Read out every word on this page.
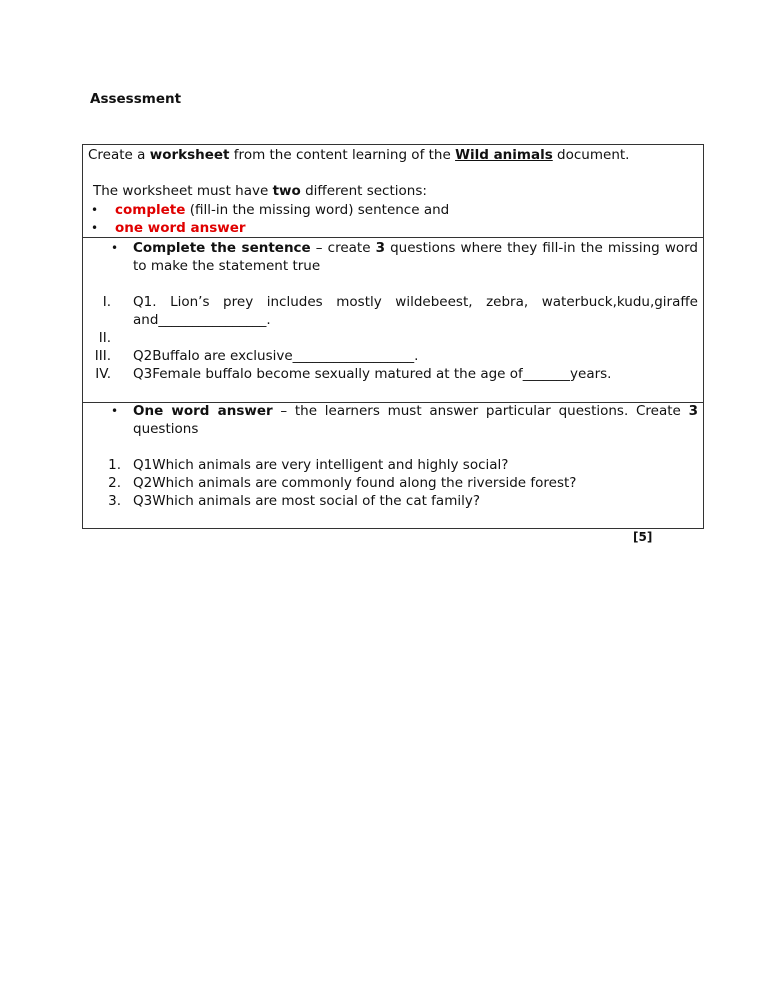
Assessment
Create a worksheet from the content learning of the Wild animals document.
The worksheet must have two different sections:
• complete (fill-in the missing word) sentence and
• one word answer
• Complete the sentence – create 3 questions where they fill-in the missing word
to make the statement true
I. Q1. Lion’s prey includes mostly wildebeest, zebra, waterbuck,kudu,giraffe
and________________.
II.
III. Q2Buffalo are exclusive__________________.
IV. Q3Female buffalo become sexually matured at the age of_______years.
• One word answer – the learners must answer particular questions. Create 3
questions
1. Q1Which animals are very intelligent and highly social?
2. Q2Which animals are commonly found along the riverside forest?
3. Q3Which animals are most social of the cat family?
[5]
